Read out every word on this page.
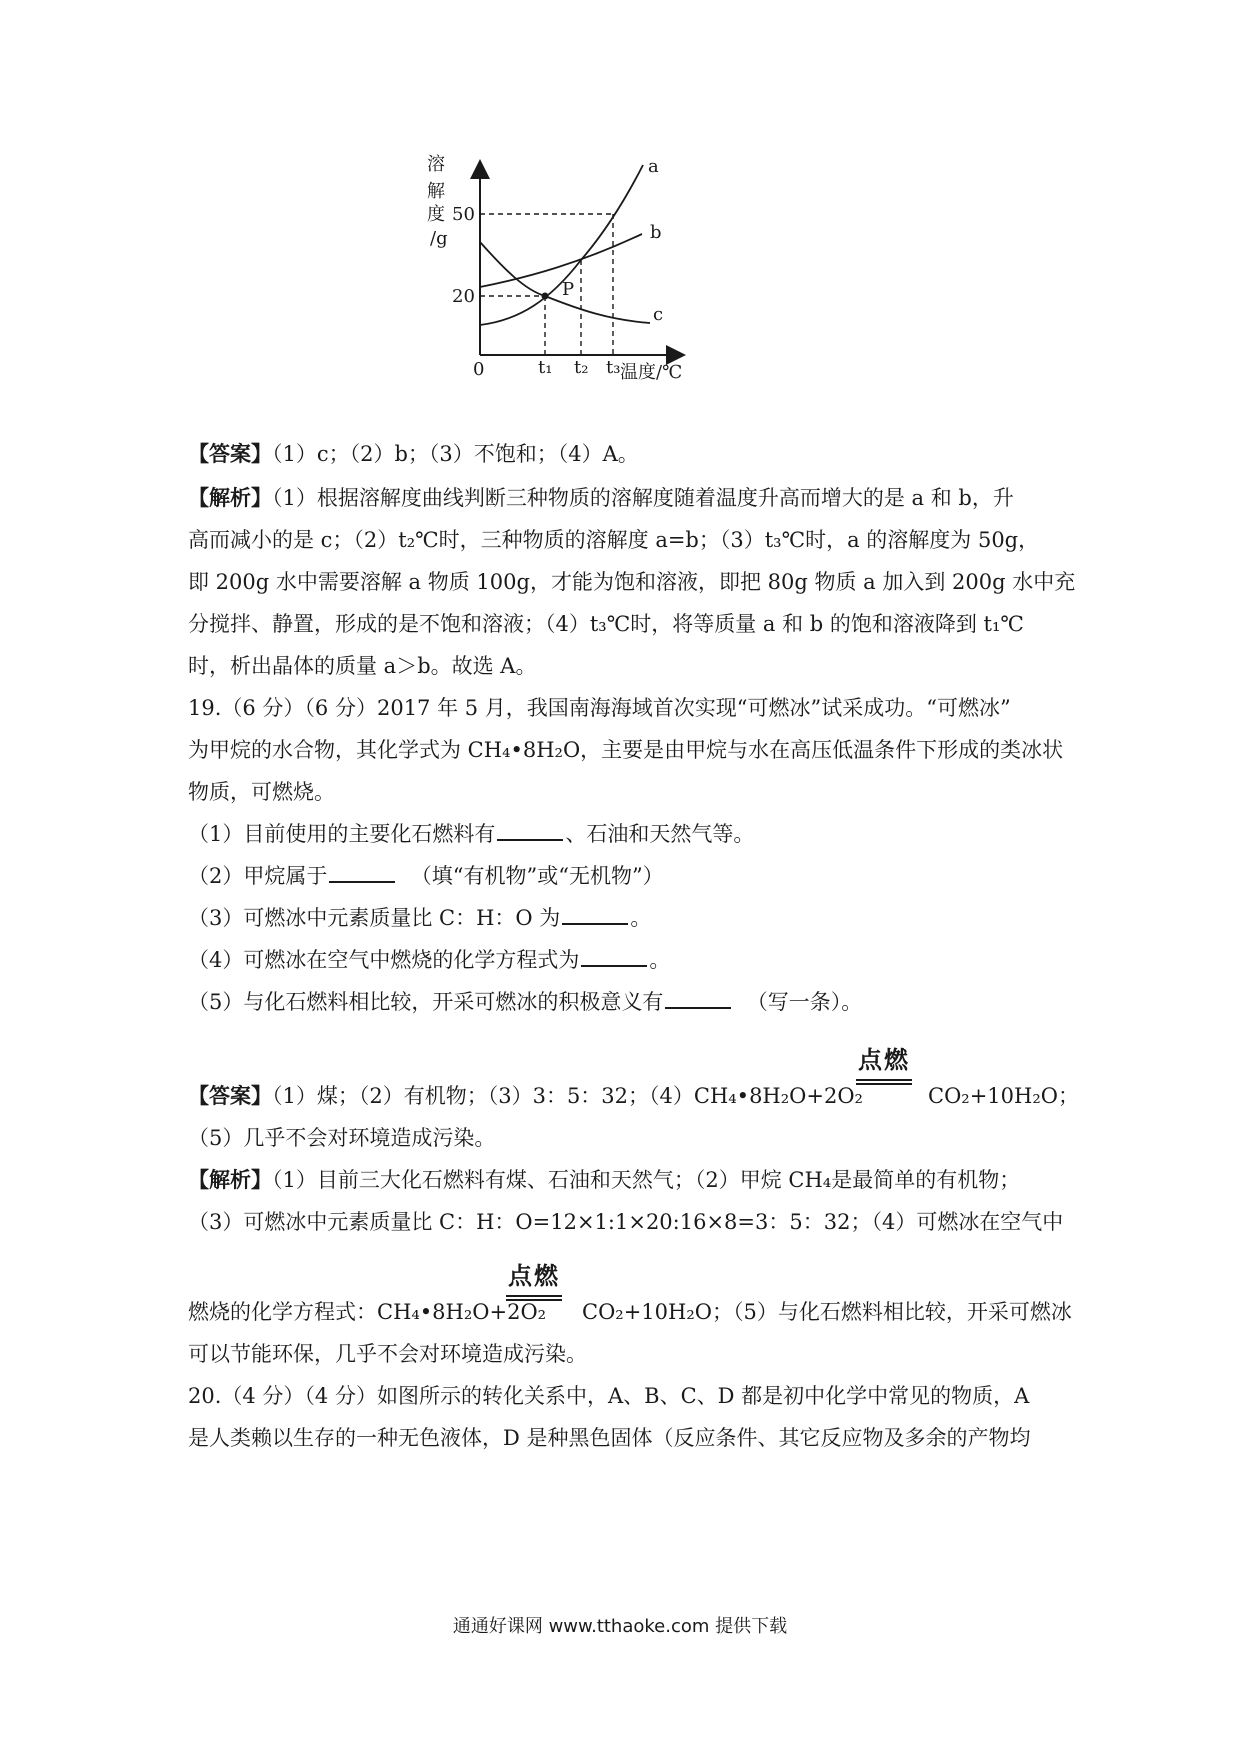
溶
解
度
/g
50
20
0	t₁ t₂ t₃ 温度/℃
P
a
b
c
【答案】（1）c；（2）b；（3）不饱和；（4）A。
【解析】（1）根据溶解度曲线判断三种物质的溶解度随着温度升高而增大的是 a 和 b，升
高而减小的是 c；（2）t₂℃时，三种物质的溶解度 a=b；（3）t₃℃时，a 的溶解度为 50g，
即 200g 水中需要溶解 a 物质 100g，才能为饱和溶液，即把 80g 物质 a 加入到 200g 水中充
分搅拌、静置，形成的是不饱和溶液；（4）t₃℃时，将等质量 a 和 b 的饱和溶液降到 t₁℃
时，析出晶体的质量 a＞b。故选 A。
19.（6 分）（6 分）2017 年 5 月，我国南海海域首次实现“可燃冰”试采成功。“可燃冰”
为甲烷的水合物，其化学式为 CH₄•8H₂O，主要是由甲烷与水在高压低温条件下形成的类冰状
物质，可燃烧。
（1）目前使用的主要化石燃料有	、石油和天然气等。
（2）甲烷属于	（填“有机物”或“无机物”）
（3）可燃冰中元素质量比 C：H：O 为	。
（4）可燃冰在空气中燃烧的化学方程式为	。
（5）与化石燃料相比较，开采可燃冰的积极意义有	（写一条）。
点燃
【答案】（1）煤；（2）有机物；（3）3：5：32；（4）CH₄•8H₂O+2O₂	CO₂+10H₂O；
（5）几乎不会对环境造成污染。
【解析】（1）目前三大化石燃料有煤、石油和天然气；（2）甲烷 CH₄是最简单的有机物；
（3）可燃冰中元素质量比 C：H：O=12×1:1×20:16×8=3：5：32；（4）可燃冰在空气中
点燃
燃烧的化学方程式：CH₄•8H₂O+2O₂	CO₂+10H₂O；（5）与化石燃料相比较，开采可燃冰
可以节能环保，几乎不会对环境造成污染。
20.（4 分）（4 分）如图所示的转化关系中，A、B、C、D 都是初中化学中常见的物质，A
是人类赖以生存的一种无色液体，D 是种黑色固体（反应条件、其它反应物及多余的产物均
通通好课网 www.tthaoke.com 提供下载
